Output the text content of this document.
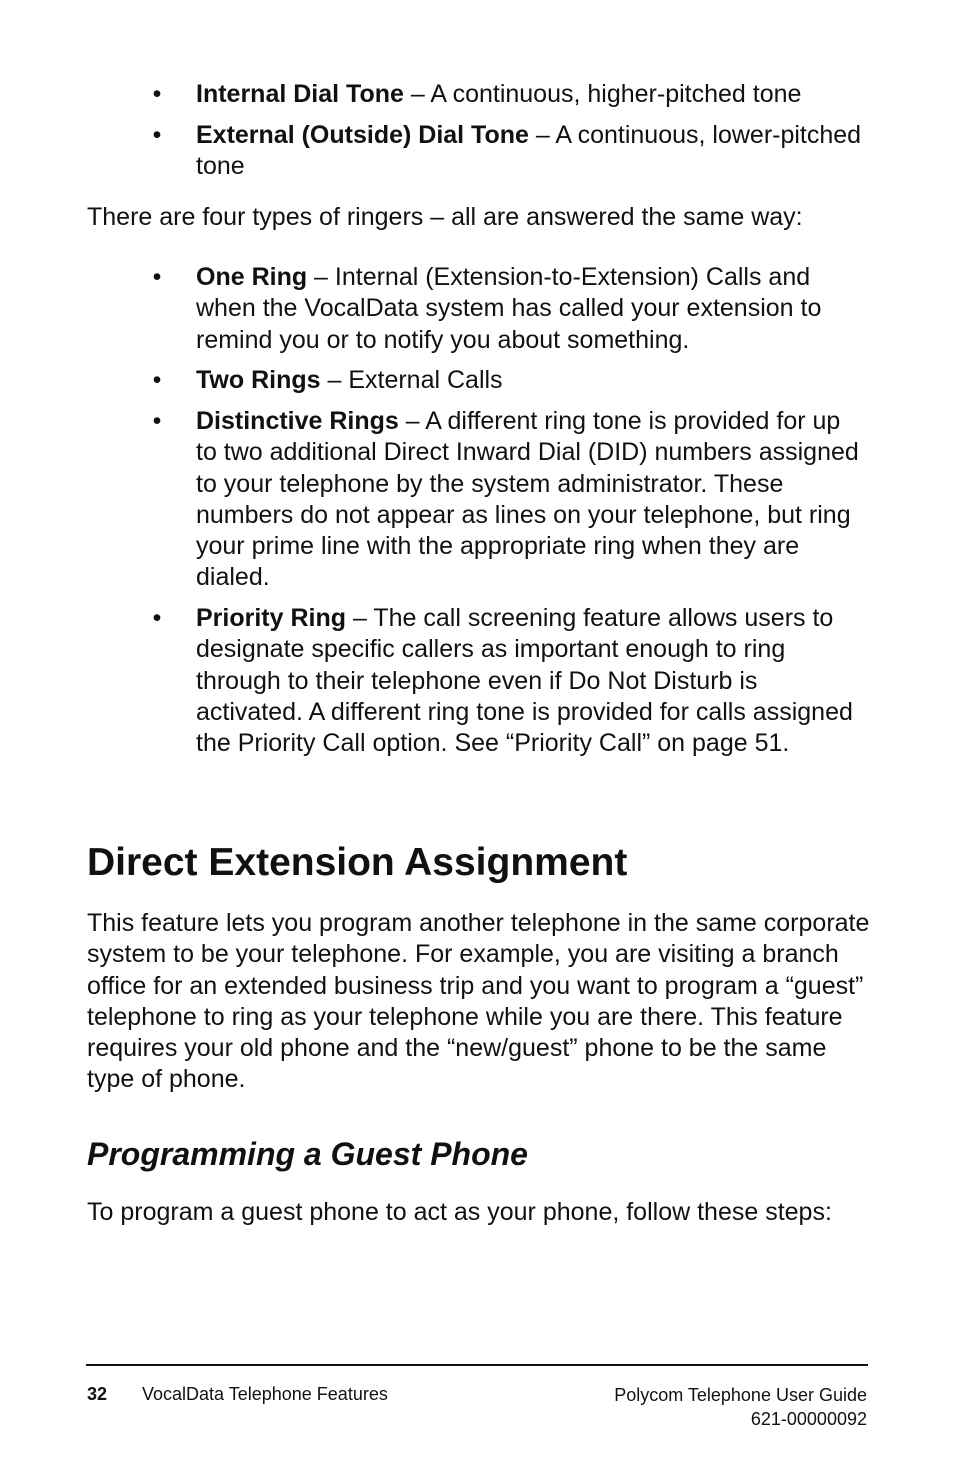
• Internal Dial Tone – A continuous, higher-pitched tone
• External (Outside) Dial Tone – A continuous, lower-pitched tone

There are four types of ringers – all are answered the same way:

• One Ring – Internal (Extension-to-Extension) Calls and when the VocalData system has called your extension to remind you or to notify you about something.
• Two Rings – External Calls
• Distinctive Rings – A different ring tone is provided for up to two additional Direct Inward Dial (DID) numbers assigned to your telephone by the system administrator. These numbers do not appear as lines on your telephone, but ring your prime line with the appropriate ring when they are dialed.
• Priority Ring – The call screening feature allows users to designate specific callers as important enough to ring through to their telephone even if Do Not Disturb is activated. A different ring tone is provided for calls assigned the Priority Call option. See “Priority Call” on page 51.
Direct Extension Assignment

This feature lets you program another telephone in the same corporate system to be your telephone. For example, you are visiting a branch office for an extended business trip and you want to program a “guest” telephone to ring as your telephone while you are there. This feature requires your old phone and the “new/guest” phone to be the same type of phone.

Programming a Guest Phone

To program a guest phone to act as your phone, follow these steps:

32 VocalData Telephone Features	Polycom Telephone User Guide
621-00000092
